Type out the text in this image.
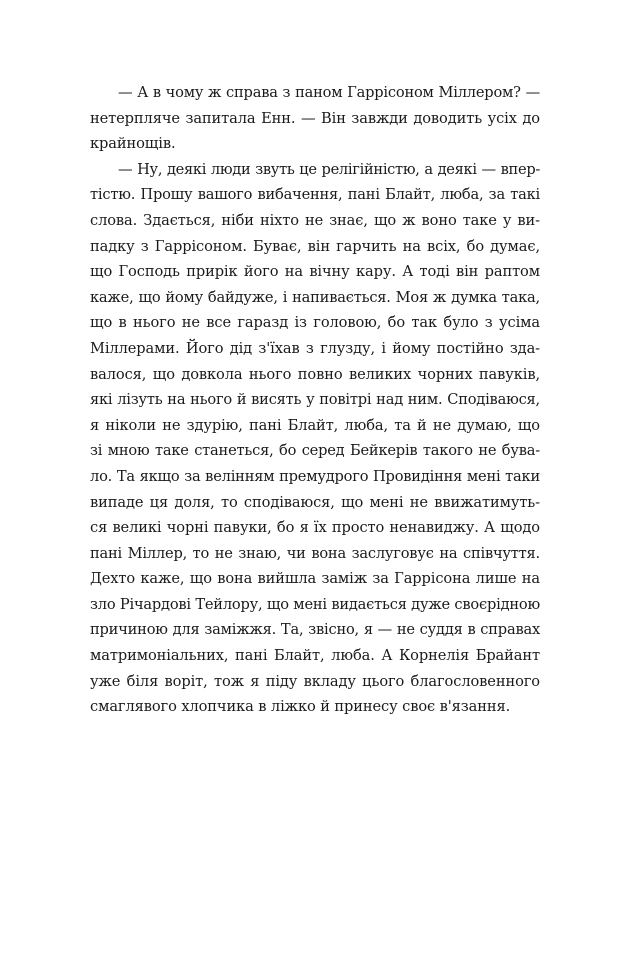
— А в чому ж справа з паном Гаррісоном Міллером? —
нетерпляче запитала Енн. — Він завжди доводить усіх до
крайнощів.
— Ну, деякі люди звуть це релігійністю, а деякі — впер-
тістю. Прошу вашого вибачення, пані Блайт, люба, за такі
слова. Здається, ніби ніхто не знає, що ж воно таке у ви-
падку з Гаррісоном. Буває, він гарчить на всіх, бо думає,
що Господь прирік його на вічну кару. А тоді він раптом
каже, що йому байдуже, і напивається. Моя ж думка така,
що в нього не все гаразд із головою, бо так було з усіма
Міллерами. Його дід з'їхав з глузду, і йому постійно зда-
валося, що довкола нього повно великих чорних павуків,
які лізуть на нього й висять у повітрі над ним. Сподіваюся,
я ніколи не здурію, пані Блайт, люба, та й не думаю, що
зі мною таке станеться, бо серед Бейкерів такого не бува-
ло. Та якщо за велінням премудрого Провидіння мені таки
випаде ця доля, то сподіваюся, що мені не ввижатимуть-
ся великі чорні павуки, бо я їх просто ненавиджу. А щодо
пані Міллер, то не знаю, чи вона заслуговує на співчуття.
Дехто каже, що вона вийшла заміж за Гаррісона лише на
зло Річардові Тейлору, що мені видається дуже своєрідною
причиною для заміжжя. Та, звісно, я — не суддя в справах
матримоніальних, пані Блайт, люба. А Корнелія Брайант
уже біля воріт, тож я піду вкладу цього благословенного
смаглявого хлопчика в ліжко й принесу своє в'язання.
